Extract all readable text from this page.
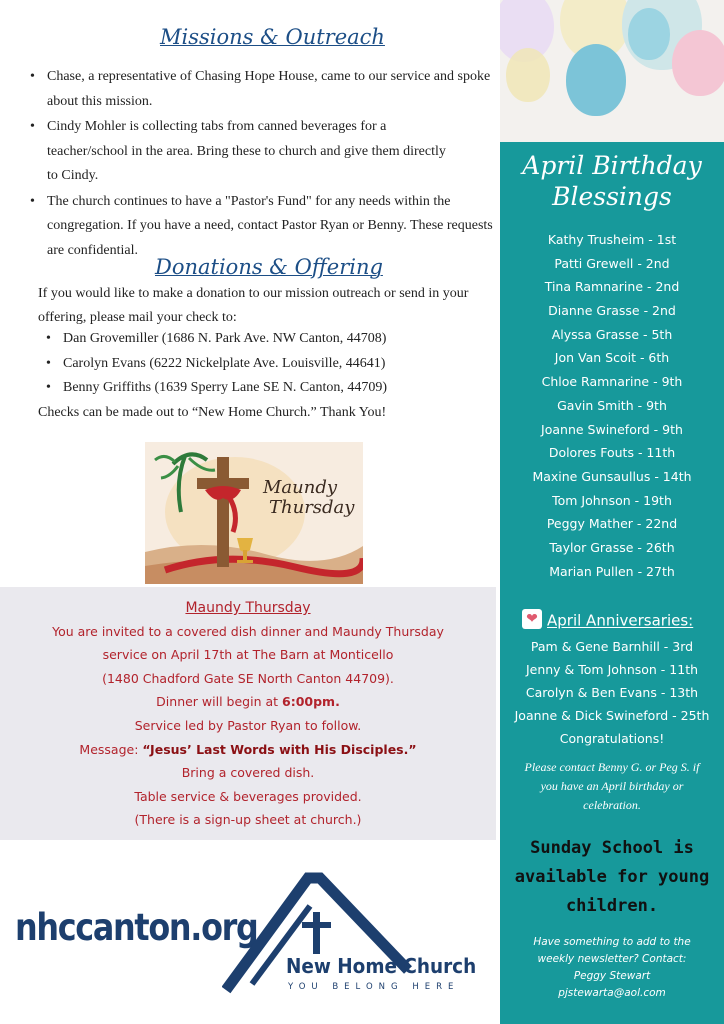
Missions & Outreach
• Chase, a representative of Chasing Hope House, came to our service and spoke about this mission.
• Cindy Mohler is collecting tabs from canned beverages for a teacher/school in the area. Bring these to church and give them directly to Cindy.
• The church continues to have a "Pastor's Fund" for any needs within the congregation. If you have a need, contact Pastor Ryan or Benny. These requests are confidential.
Donations & Offering
If you would like to make a donation to our mission outreach or send in your offering, please mail your check to:
• Dan Grovemiller (1686 N. Park Ave. NW Canton, 44708)
• Carolyn Evans (6222 Nickelplate Ave. Louisville, 44641)
• Benny Griffiths (1639 Sperry Lane SE N. Canton, 44709)
Checks can be made out to “New Home Church.” Thank You!
Maundy
Thursday
Maundy Thursday
You are invited to a covered dish dinner and Maundy Thursday
service on April 17th at The Barn at Monticello
(1480 Chadford Gate SE North Canton 44709).
Dinner will begin at 6:00pm.
Service led by Pastor Ryan to follow.
Message: “Jesus’ Last Words with His Disciples.”
Bring a covered dish.
Table service & beverages provided.
(There is a sign-up sheet at church.)
nhccanton.org
New Home Church
YOU BELONG HERE
April Birthday
Blessings
Kathy Trusheim - 1st
Patti Grewell - 2nd
Tina Ramnarine - 2nd
Dianne Grasse - 2nd
Alyssa Grasse - 5th
Jon Van Scoit - 6th
Chloe Ramnarine - 9th
Gavin Smith - 9th
Joanne Swineford - 9th
Dolores Fouts - 11th
Maxine Gunsaullus - 14th
Tom Johnson - 19th
Peggy Mather - 22nd
Taylor Grasse - 26th
Marian Pullen - 27th
❤ April Anniversaries:
Pam & Gene Barnhill - 3rd
Jenny & Tom Johnson - 11th
Carolyn & Ben Evans - 13th
Joanne & Dick Swineford - 25th
Congratulations!
Please contact Benny G. or Peg S. if you have an April birthday or celebration.
Sunday School is available for young children.
Have something to add to the
weekly newsletter? Contact:
Peggy Stewart
pjstewarta@aol.com
